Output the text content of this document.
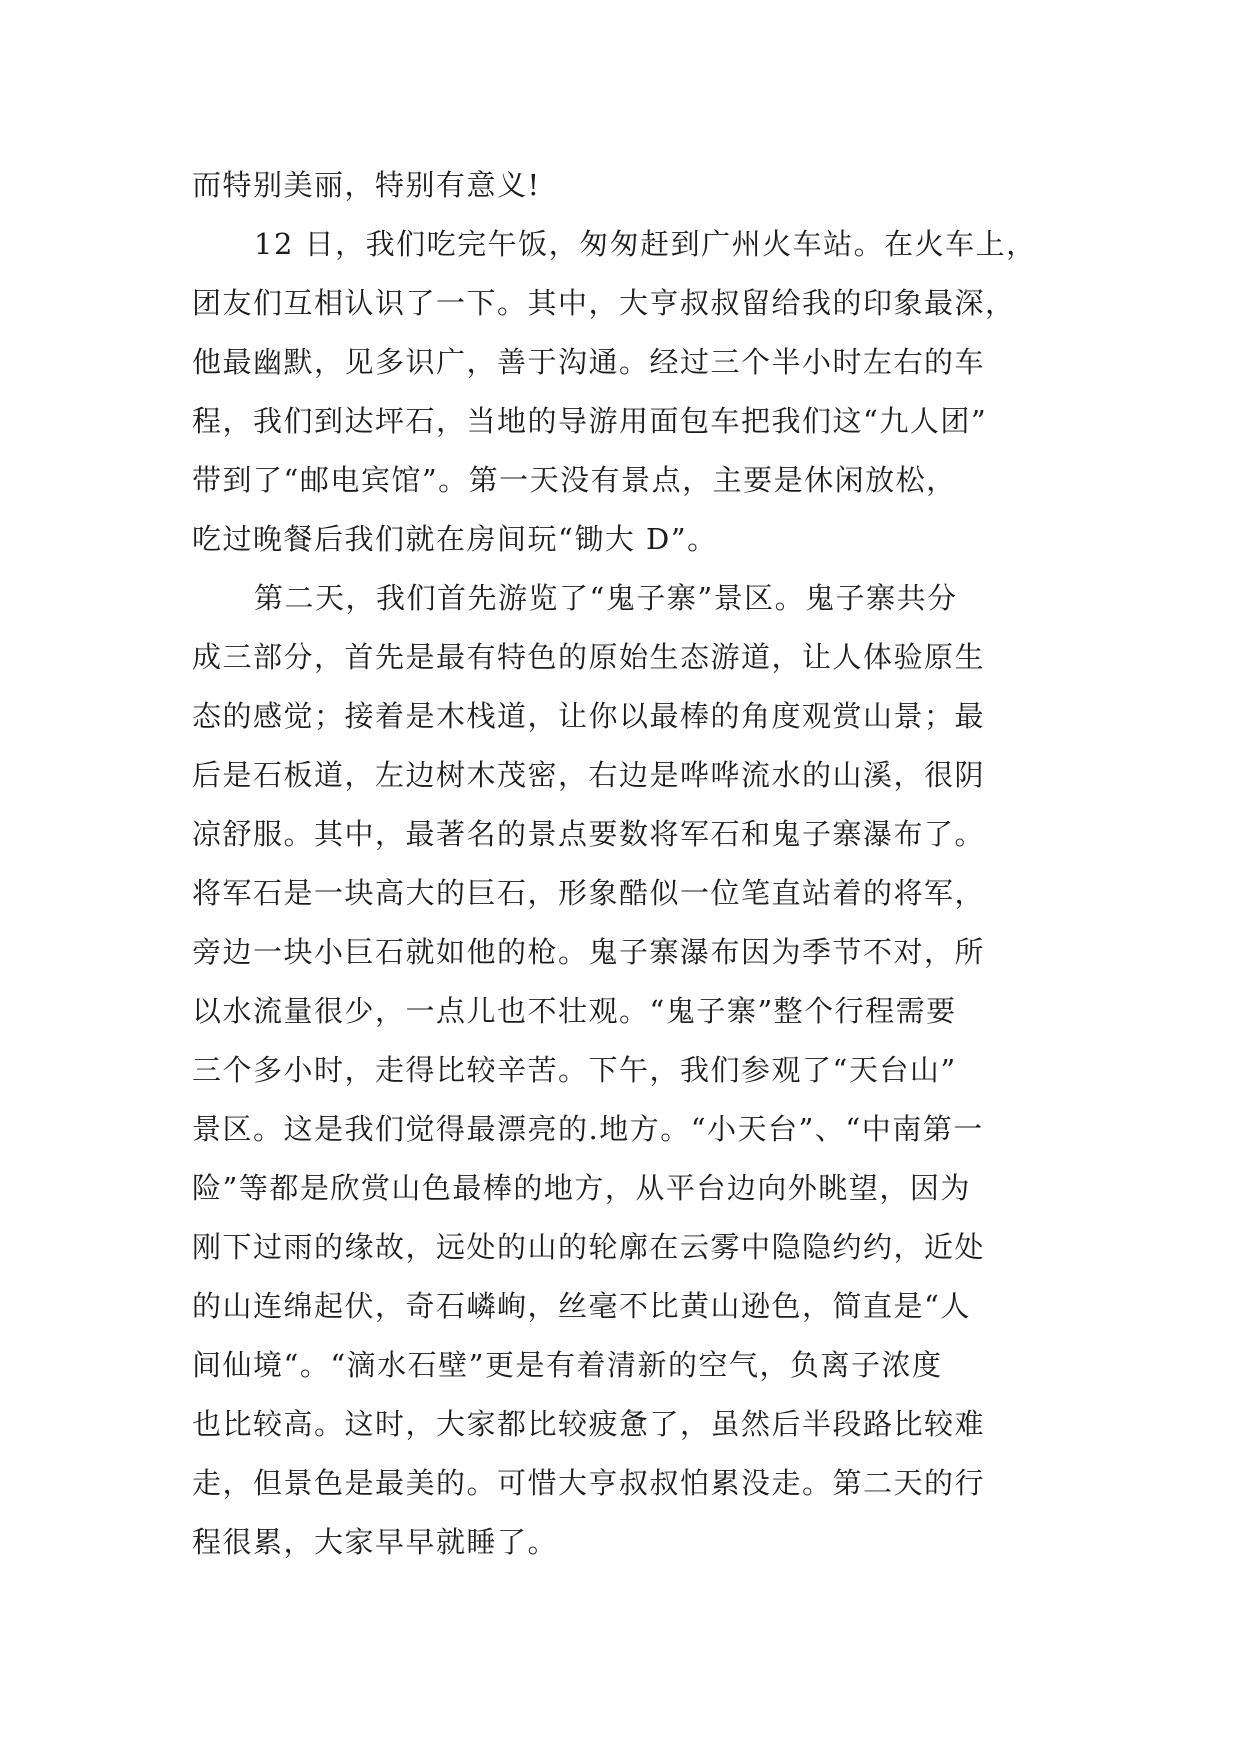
而特别美丽，特别有意义!
12 日，我们吃完午饭，匆匆赶到广州火车站。在火车上，
团友们互相认识了一下。其中，大亨叔叔留给我的印象最深，
他最幽默，见多识广，善于沟通。经过三个半小时左右的车
程，我们到达坪石，当地的导游用面包车把我们这“九人团”
带到了“邮电宾馆”。第一天没有景点，主要是休闲放松，
吃过晚餐后我们就在房间玩“锄大 D”。
第二天，我们首先游览了“鬼子寨”景区。鬼子寨共分
成三部分，首先是最有特色的原始生态游道，让人体验原生
态的感觉；接着是木栈道，让你以最棒的角度观赏山景；最
后是石板道，左边树木茂密，右边是哗哗流水的山溪，很阴
凉舒服。其中，最著名的景点要数将军石和鬼子寨瀑布了。
将军石是一块高大的巨石，形象酷似一位笔直站着的将军，
旁边一块小巨石就如他的枪。鬼子寨瀑布因为季节不对，所
以水流量很少，一点儿也不壮观。“鬼子寨”整个行程需要
三个多小时，走得比较辛苦。下午，我们参观了“天台山”
景区。这是我们觉得最漂亮的.地方。“小天台”、“中南第一
险”等都是欣赏山色最棒的地方，从平台边向外眺望，因为
刚下过雨的缘故，远处的山的轮廓在云雾中隐隐约约，近处
的山连绵起伏，奇石嶙峋，丝毫不比黄山逊色，简直是“人
间仙境“。“滴水石壁”更是有着清新的空气，负离子浓度
也比较高。这时，大家都比较疲惫了，虽然后半段路比较难
走，但景色是最美的。可惜大亨叔叔怕累没走。第二天的行
程很累，大家早早就睡了。
